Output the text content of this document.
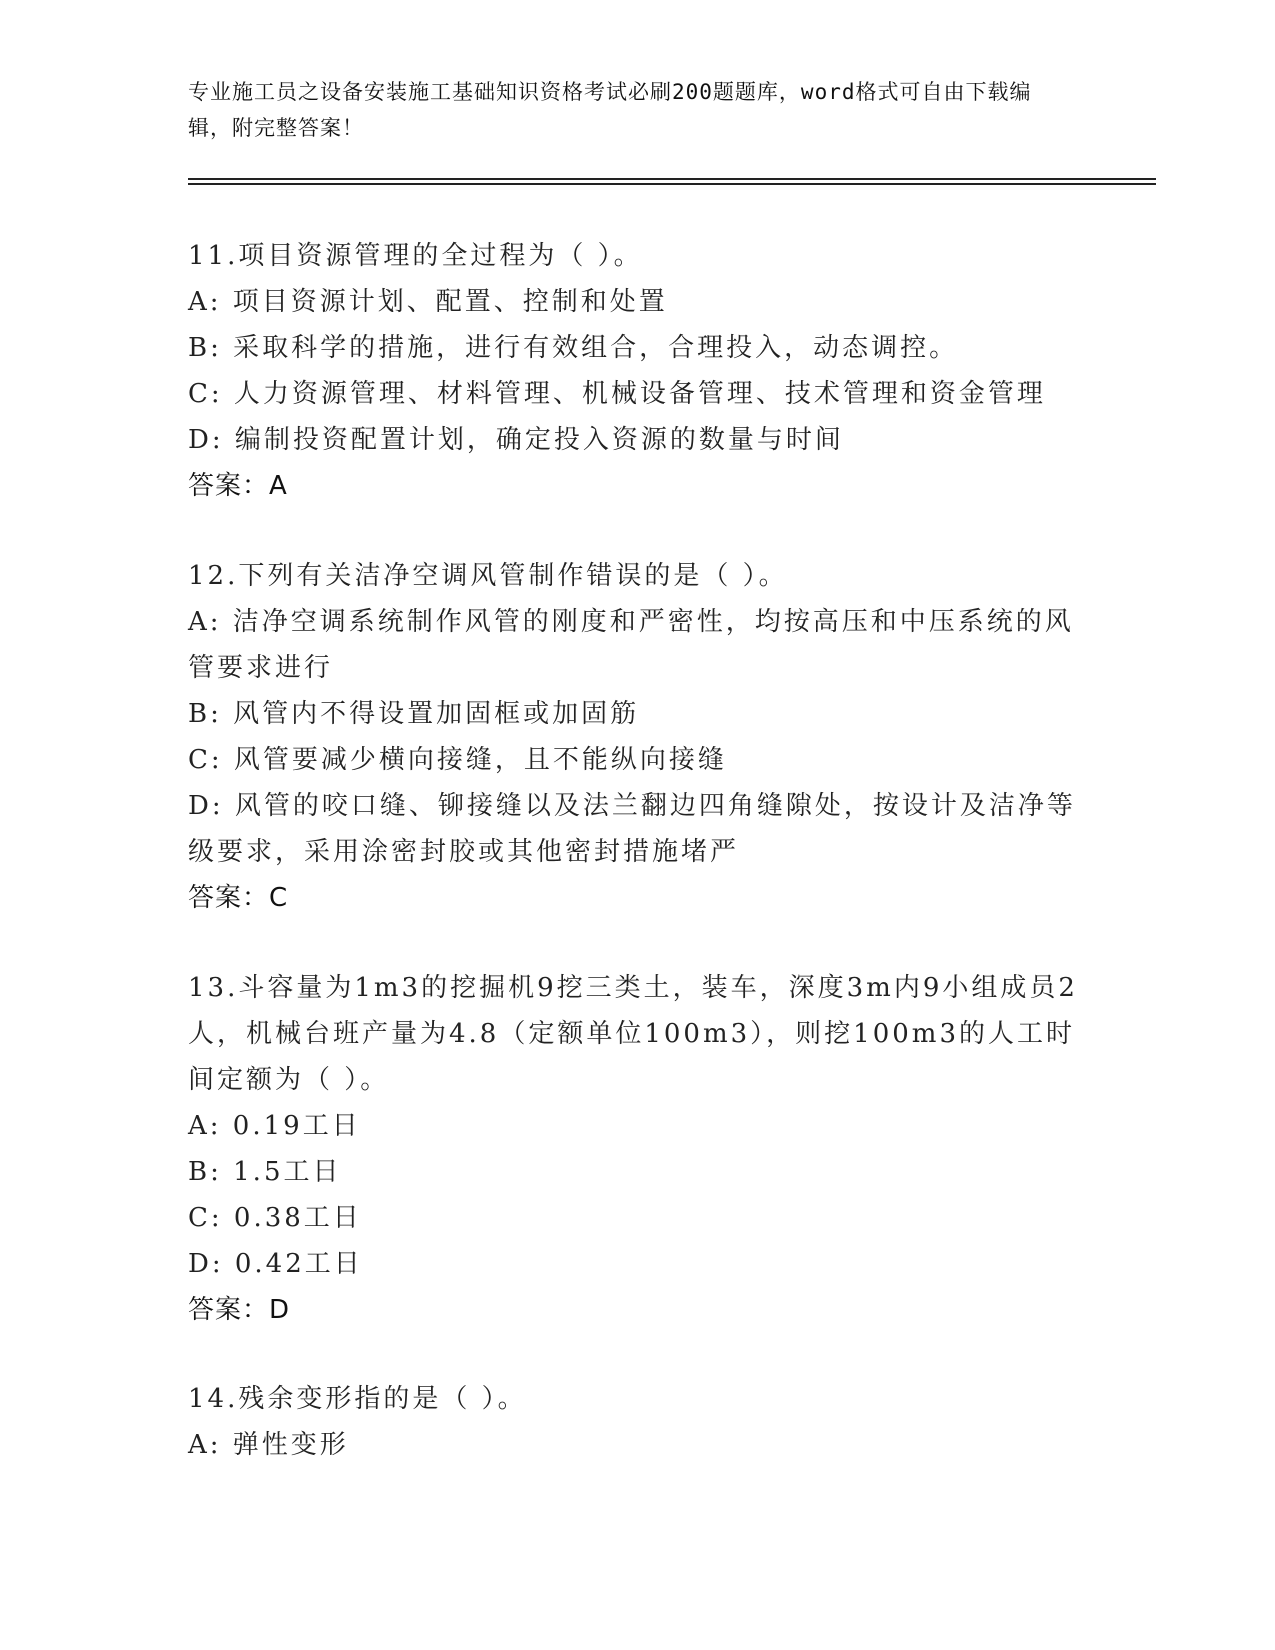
专业施工员之设备安装施工基础知识资格考试必刷200题题库，word格式可自由下载编辑，附完整答案！
11.项目资源管理的全过程为（ ）。
A: 项目资源计划、配置、控制和处置
B: 采取科学的措施，进行有效组合，合理投入，动态调控。
C: 人力资源管理、材料管理、机械设备管理、技术管理和资金管理
D: 编制投资配置计划，确定投入资源的数量与时间
答案：A
12.下列有关洁净空调风管制作错误的是（ ）。
A: 洁净空调系统制作风管的刚度和严密性，均按高压和中压系统的风管要求进行
B: 风管内不得设置加固框或加固筋
C: 风管要减少横向接缝，且不能纵向接缝
D: 风管的咬口缝、铆接缝以及法兰翻边四角缝隙处，按设计及洁净等级要求，采用涂密封胶或其他密封措施堵严
答案：C
13.斗容量为1m3的挖掘机9挖三类土，装车，深度3m内9小组成员2人，机械台班产量为4.8（定额单位100m3），则挖100m3的人工时间定额为（ ）。
A: 0.19工日
B: 1.5工日
C: 0.38工日
D: 0.42工日
答案：D
14.残余变形指的是（ ）。
A: 弹性变形
